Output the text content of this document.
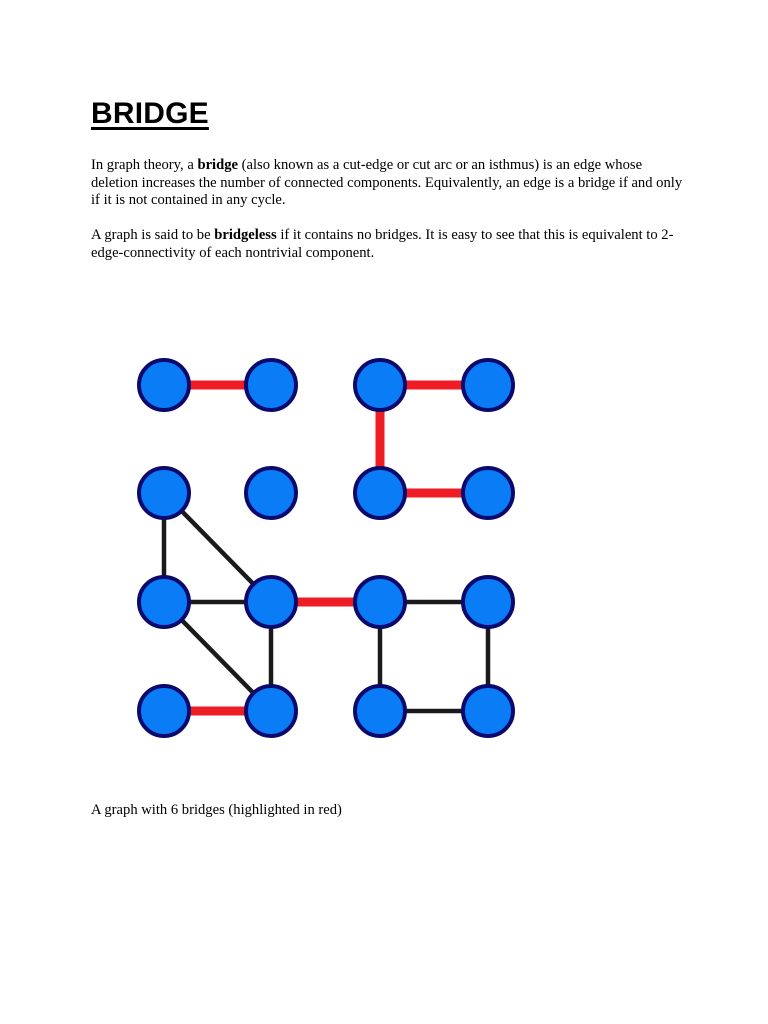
BRIDGE

In graph theory, a bridge (also known as a cut-edge or cut arc or an isthmus) is an edge whose deletion increases the number of connected components. Equivalently, an edge is a bridge if and only if it is not contained in any cycle.

A graph is said to be bridgeless if it contains no bridges. It is easy to see that this is equivalent to 2-edge-connectivity of each nontrivial component.

A graph with 6 bridges (highlighted in red)
